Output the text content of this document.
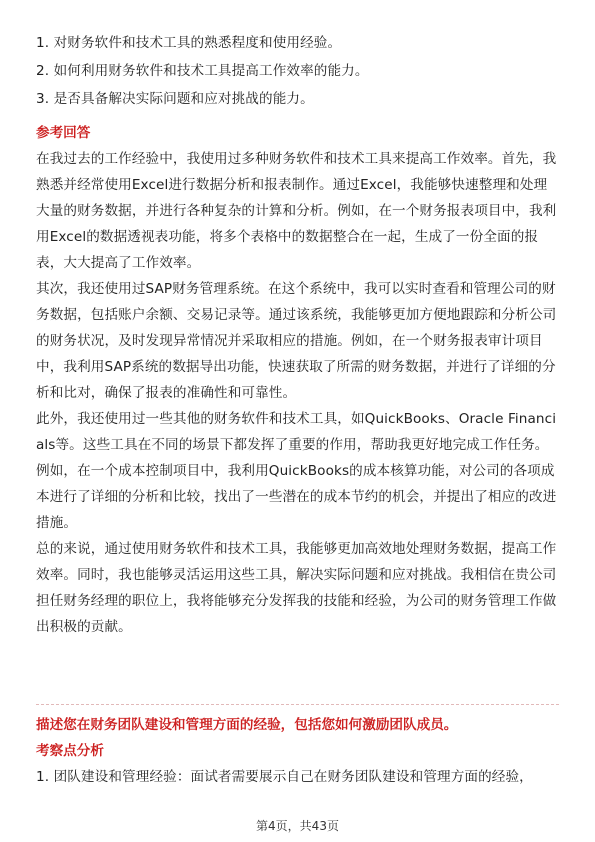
1. 对财务软件和技术工具的熟悉程度和使用经验。

2. 如何利用财务软件和技术工具提高工作效率的能力。

3. 是否具备解决实际问题和应对挑战的能力。

参考回答

在我过去的工作经验中，我使用过多种财务软件和技术工具来提高工作效率。首先，我熟悉并经常使用Excel进行数据分析和报表制作。通过Excel，我能够快速整理和处理大量的财务数据，并进行各种复杂的计算和分析。例如，在一个财务报表项目中，我利用Excel的数据透视表功能，将多个表格中的数据整合在一起，生成了一份全面的报表，大大提高了工作效率。

其次，我还使用过SAP财务管理系统。在这个系统中，我可以实时查看和管理公司的财务数据，包括账户余额、交易记录等。通过该系统，我能够更加方便地跟踪和分析公司的财务状况，及时发现异常情况并采取相应的措施。例如，在一个财务报表审计项目中，我利用SAP系统的数据导出功能，快速获取了所需的财务数据，并进行了详细的分析和比对，确保了报表的准确性和可靠性。

此外，我还使用过一些其他的财务软件和技术工具，如QuickBooks、Oracle Financials等。这些工具在不同的场景下都发挥了重要的作用，帮助我更好地完成工作任务。例如，在一个成本控制项目中，我利用QuickBooks的成本核算功能，对公司的各项成本进行了详细的分析和比较，找出了一些潜在的成本节约的机会，并提出了相应的改进措施。

总的来说，通过使用财务软件和技术工具，我能够更加高效地处理财务数据，提高工作效率。同时，我也能够灵活运用这些工具，解决实际问题和应对挑战。我相信在贵公司担任财务经理的职位上，我将能够充分发挥我的技能和经验，为公司的财务管理工作做出积极的贡献。

描述您在财务团队建设和管理方面的经验，包括您如何激励团队成员。

考察点分析

1. 团队建设和管理经验：面试者需要展示自己在财务团队建设和管理方面的经验，

第4页，共43页
